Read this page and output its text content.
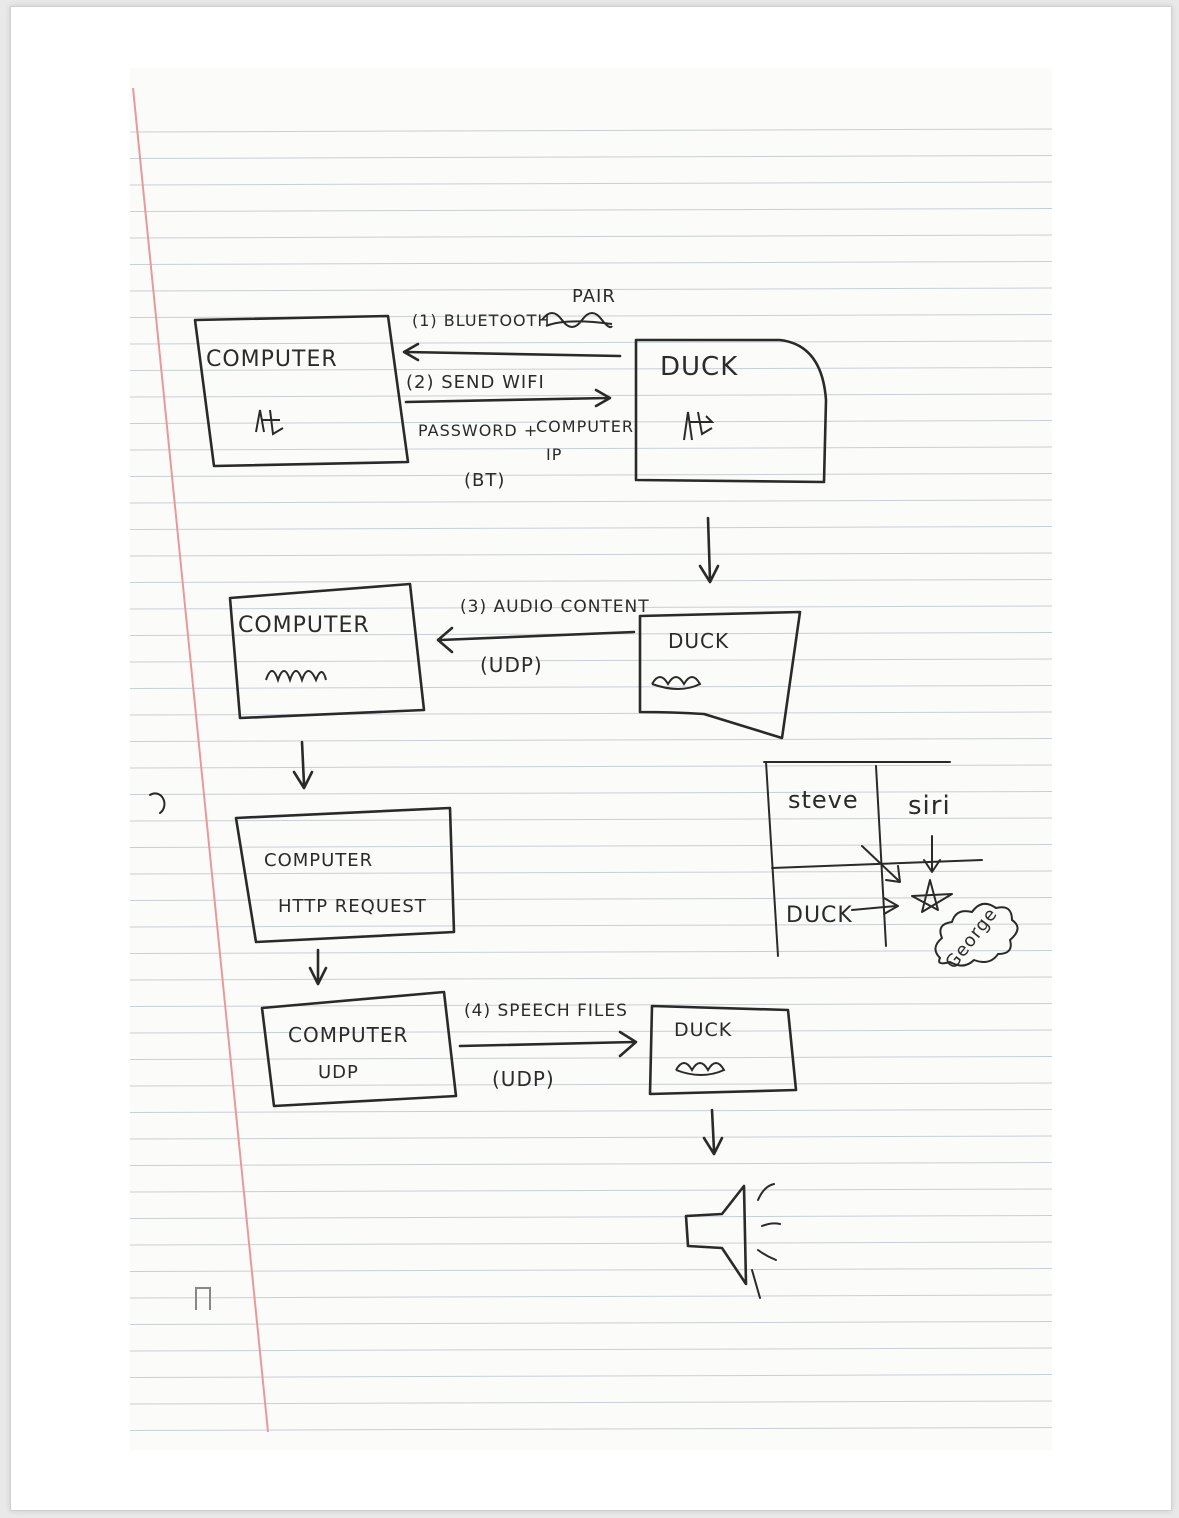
COMPUTER	DUCK
PAIR
(1) BLUETOOTH
(2) SEND WIFI
PASSWORD +
COMPUTER
IP
(BT)
COMPUTER
DUCK
(3) AUDIO CONTENT
(UDP)
COMPUTER
HTTP REQUEST
COMPUTER
UDP
DUCK
(4) SPEECH FILES
(UDP)
steve siri
DUCK	George
